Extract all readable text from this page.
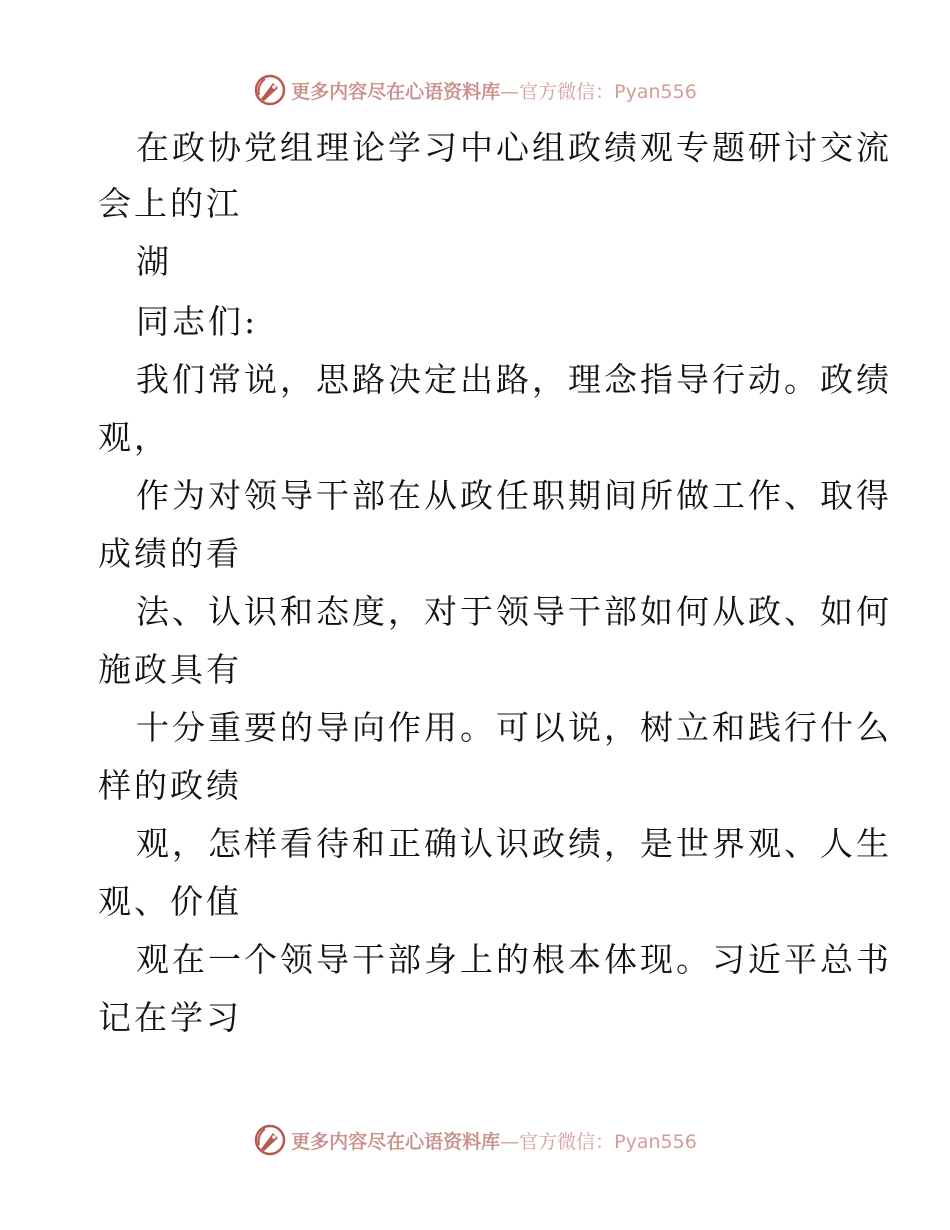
更多内容尽在心语资料库 —官方微信：Pyan556
在政协党组理论学习中心组政绩观专题研讨交流
会上的江
湖
同志们:
我们常说，思路决定出路，理念指导行动。政绩
观，
作为对领导干部在从政任职期间所做工作、取得
成绩的看
法、认识和态度，对于领导干部如何从政、如何
施政具有
十分重要的导向作用。可以说，树立和践行什么
样的政绩
观，怎样看待和正确认识政绩，是世界观、人生
观、价值
观在一个领导干部身上的根本体现。习近平总书
记在学习
更多内容尽在心语资料库 —官方微信：Pyan556
